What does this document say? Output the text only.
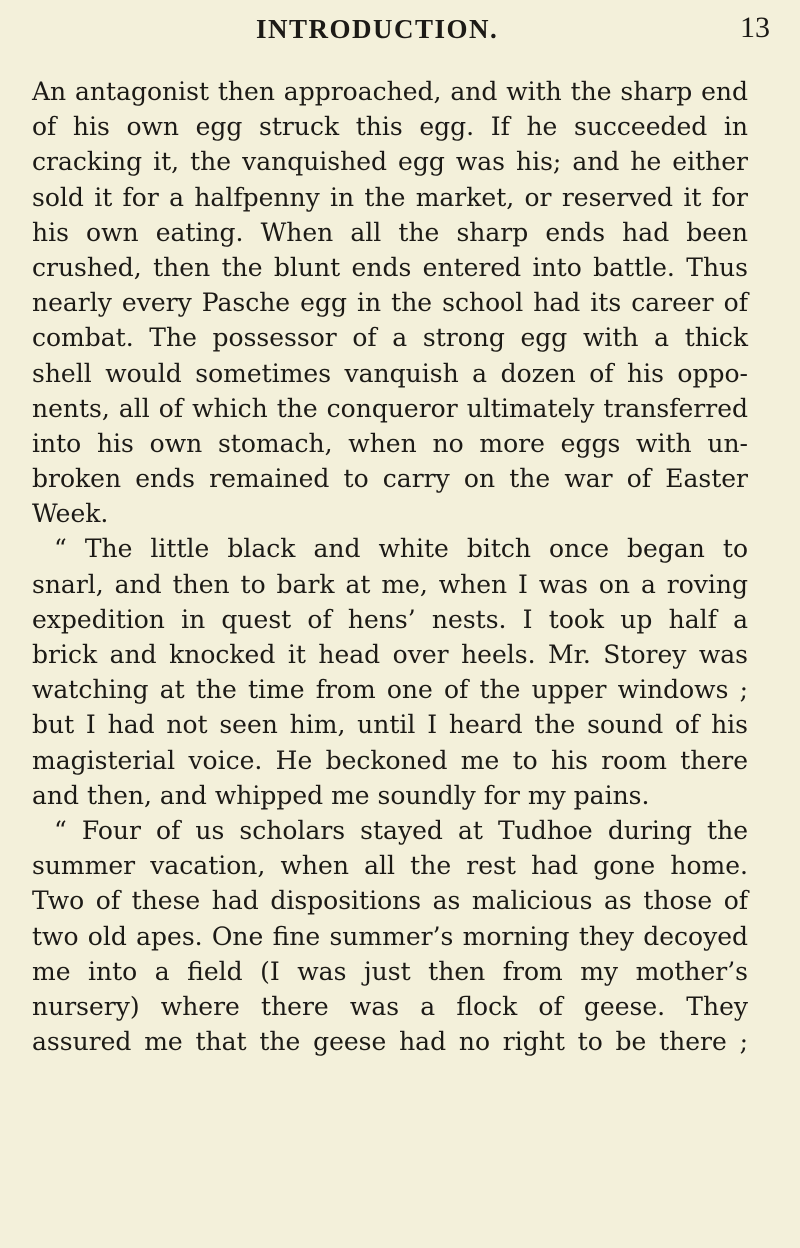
INTRODUCTION.	13
An antagonist then approached, and with the sharp end
of his own egg struck this egg. If he succeeded in
cracking it, the vanquished egg was his; and he either
sold it for a halfpenny in the market, or reserved it for
his own eating. When all the sharp ends had been
crushed, then the blunt ends entered into battle. Thus
nearly every Pasche egg in the school had its career of
combat. The possessor of a strong egg with a thick
shell would sometimes vanquish a dozen of his oppo-
nents, all of which the conqueror ultimately transferred
into his own stomach, when no more eggs with un-
broken ends remained to carry on the war of Easter
Week.
“ The little black and white bitch once began to
snarl, and then to bark at me, when I was on a roving
expedition in quest of hens’ nests. I took up half a
brick and knocked it head over heels. Mr. Storey was
watching at the time from one of the upper windows ;
but I had not seen him, until I heard the sound of his
magisterial voice. He beckoned me to his room there
and then, and whipped me soundly for my pains.
“ Four of us scholars stayed at Tudhoe during the
summer vacation, when all the rest had gone home.
Two of these had dispositions as malicious as those of
two old apes. One fine summer’s morning they decoyed
me into a field (I was just then from my mother’s
nursery) where there was a flock of geese. They
assured me that the geese had no right to be there ;
